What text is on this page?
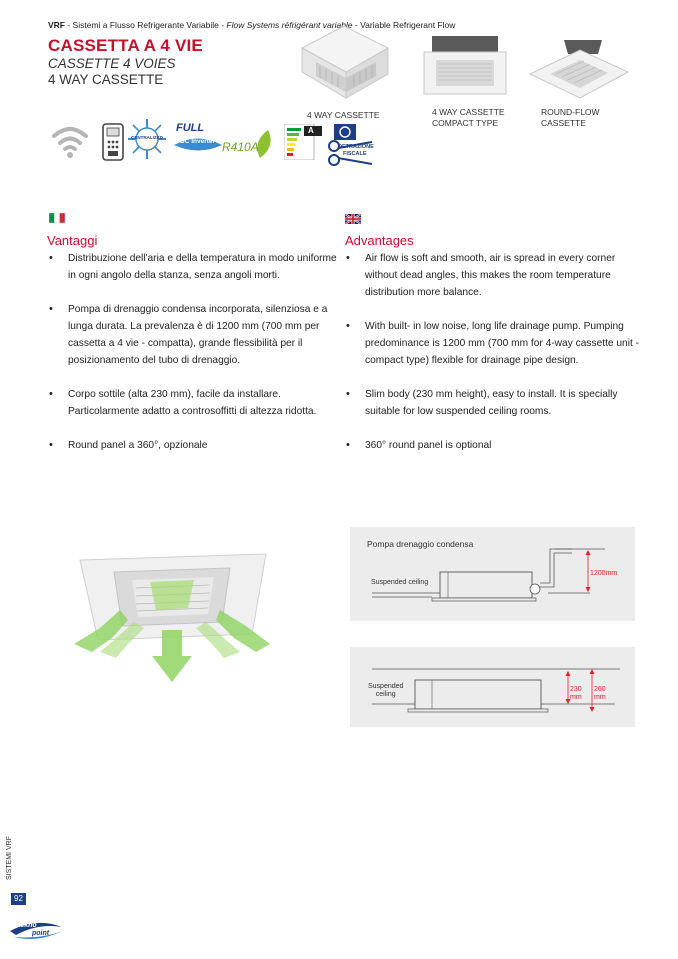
VRF - Sistemi a Flusso Refrigerante Variabile - Flow Systems réfrigérant variable - Variable Refrigerant Flow
CASSETTA A 4 VIE
CASSETTE 4 VOIES
4 WAY CASSETTE
4 WAY CASSETTE	4 WAY CASSETTE
COMPACT TYPE
ROUND-FLOW
CASSETTE
CENTRALIZED
FULL
DC Inverter R410A
A
DETRAZIONE
FISCALE
Vantaggi	Advantages
• Distribuzione dell'aria e della temperatura in modo uniforme in ogni angolo della stanza, senza angoli morti.
• Pompa di drenaggio condensa incorporata, silenziosa e a lunga durata. La prevalenza è di 1200 mm (700 mm per cassetta a 4 vie - compatta), grande flessibilità per il posizionamento del tubo di drenaggio.
• Corpo sottile (alta 230 mm), facile da installare. Particolarmente adatto a controsoffitti di altezza ridotta.
• Round panel a 360°, opzionale
• Air flow is soft and smooth, air is spread in every corner without dead angles, this makes the room temperature distribution more balance.
• With built- in low noise, long life drainage pump. Pumping predominance is 1200 mm (700 mm for 4-way cassette unit - compact type) flexible for drainage pipe design.
• Slim body (230 mm height), easy to install. It is specially suitable for low suspended ceiling rooms.
• 360° round panel is optional
Pompa drenaggio condensa
Suspended ceiling
1200mm
Suspended
ceiling
230
mm
260
mm
SISTEMI VRF
92
tekno
point
